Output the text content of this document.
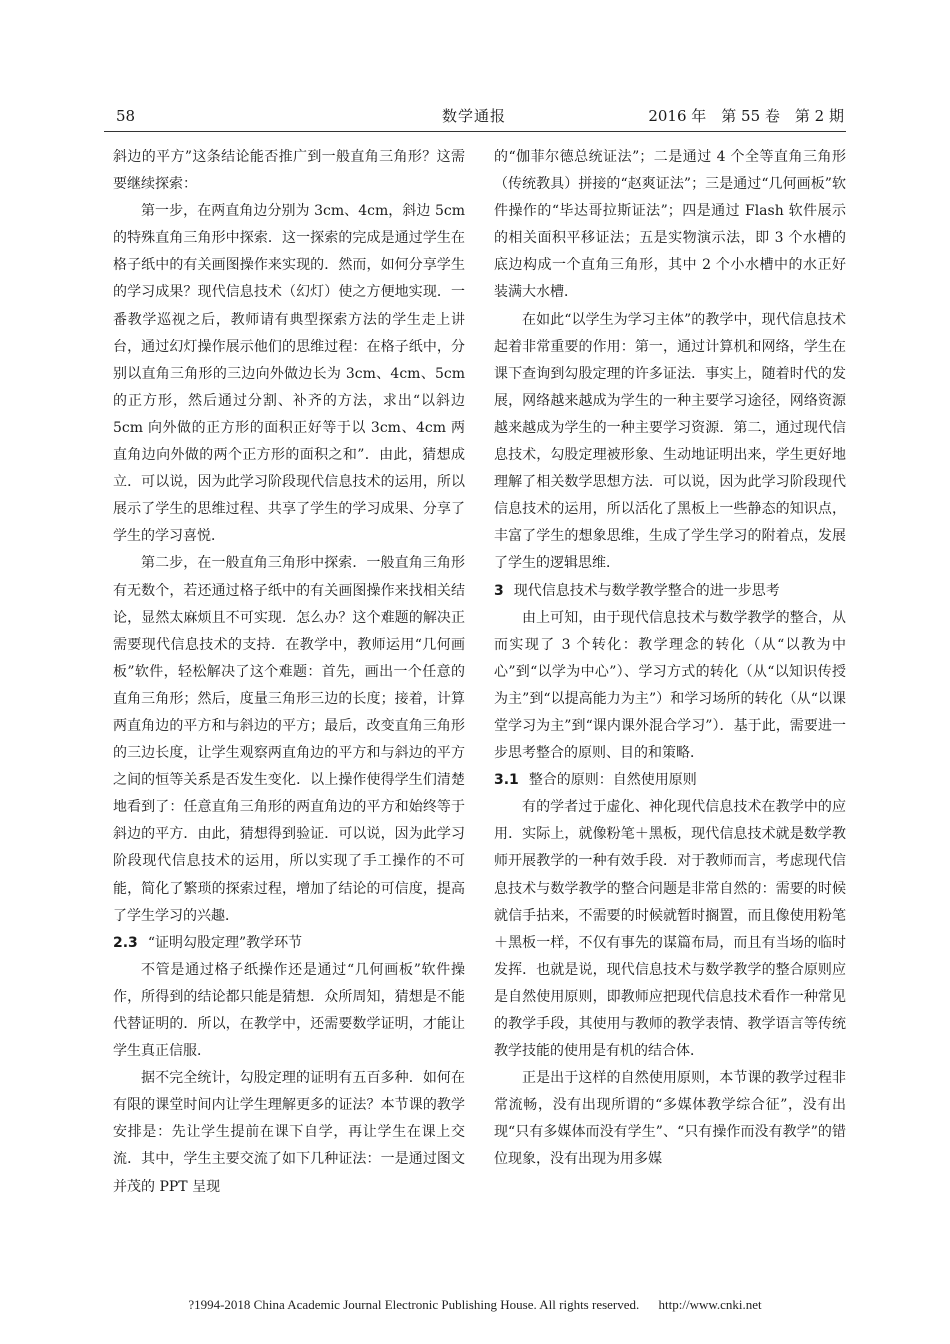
58	数学通报	2016 年　第 55 卷　第 2 期

斜边的平方”这条结论能否推广到一般直角三角形？这需要继续探索：

第一步，在两直角边分别为 3cm、4cm，斜边 5cm 的特殊直角三角形中探索．这一探索的完成是通过学生在格子纸中的有关画图操作来实现的．然而，如何分享学生的学习成果？现代信息技术（幻灯）使之方便地实现．一番教学巡视之后，教师请有典型探索方法的学生走上讲台，通过幻灯操作展示他们的思维过程：在格子纸中，分别以直角三角形的三边向外做边长为 3cm、4cm、5cm 的正方形，然后通过分割、补齐的方法，求出“以斜边 5cm 向外做的正方形的面积正好等于以 3cm、4cm 两直角边向外做的两个正方形的面积之和”．由此，猜想成立．可以说，因为此学习阶段现代信息技术的运用，所以展示了学生的思维过程、共享了学生的学习成果、分享了学生的学习喜悦．

第二步，在一般直角三角形中探索．一般直角三角形有无数个，若还通过格子纸中的有关画图操作来找相关结论，显然太麻烦且不可实现．怎么办？这个难题的解决正需要现代信息技术的支持．在教学中，教师运用“几何画板”软件，轻松解决了这个难题：首先，画出一个任意的直角三角形；然后，度量三角形三边的长度；接着，计算两直角边的平方和与斜边的平方；最后，改变直角三角形的三边长度，让学生观察两直角边的平方和与斜边的平方之间的恒等关系是否发生变化．以上操作使得学生们清楚地看到了：任意直角三角形的两直角边的平方和始终等于斜边的平方．由此，猜想得到验证．可以说，因为此学习阶段现代信息技术的运用，所以实现了手工操作的不可能，简化了繁琐的探索过程，增加了结论的可信度，提高了学生学习的兴趣．

2.3 “证明勾股定理”教学环节

不管是通过格子纸操作还是通过“几何画板”软件操作，所得到的结论都只能是猜想．众所周知，猜想是不能代替证明的．所以，在教学中，还需要数学证明，才能让学生真正信服．

据不完全统计，勾股定理的证明有五百多种．如何在有限的课堂时间内让学生理解更多的证法？本节课的教学安排是：先让学生提前在课下自学，再让学生在课上交流．其中，学生主要交流了如下几种证法：一是通过图文并茂的 PPT 呈现

的“伽菲尔德总统证法”；二是通过 4 个全等直角三角形（传统教具）拼接的“赵爽证法”；三是通过“几何画板”软件操作的“毕达哥拉斯证法”；四是通过 Flash 软件展示的相关面积平移证法；五是实物演示法，即 3 个水槽的底边构成一个直角三角形，其中 2 个小水槽中的水正好装满大水槽．

在如此“以学生为学习主体”的教学中，现代信息技术起着非常重要的作用：第一，通过计算机和网络，学生在课下查询到勾股定理的许多证法．事实上，随着时代的发展，网络越来越成为学生的一种主要学习途径，网络资源越来越成为学生的一种主要学习资源．第二，通过现代信息技术，勾股定理被形象、生动地证明出来，学生更好地理解了相关数学思想方法．可以说，因为此学习阶段现代信息技术的运用，所以活化了黑板上一些静态的知识点，丰富了学生的想象思维，生成了学生学习的附着点，发展了学生的逻辑思维．

3 现代信息技术与数学教学整合的进一步思考

由上可知，由于现代信息技术与数学教学的整合，从而实现了 3 个转化：教学理念的转化（从“以教为中心”到“以学为中心”）、学习方式的转化（从“以知识传授为主”到“以提高能力为主”）和学习场所的转化（从“以课堂学习为主”到“课内课外混合学习”）．基于此，需要进一步思考整合的原则、目的和策略．

3.1 整合的原则：自然使用原则

有的学者过于虚化、神化现代信息技术在教学中的应用．实际上，就像粉笔＋黑板，现代信息技术就是数学教师开展教学的一种有效手段．对于教师而言，考虑现代信息技术与数学教学的整合问题是非常自然的：需要的时候就信手拈来，不需要的时候就暂时搁置，而且像使用粉笔＋黑板一样，不仅有事先的谋篇布局，而且有当场的临时发挥．也就是说，现代信息技术与数学教学的整合原则应是自然使用原则，即教师应把现代信息技术看作一种常见的教学手段，其使用与教师的教学表情、教学语言等传统教学技能的使用是有机的结合体．

正是出于这样的自然使用原则，本节课的教学过程非常流畅，没有出现所谓的“多媒体教学综合征”，没有出现“只有多媒体而没有学生”、“只有操作而没有教学”的错位现象，没有出现为用多媒

?1994-2018 China Academic Journal Electronic Publishing House. All rights reserved. http://www.cnki.net
